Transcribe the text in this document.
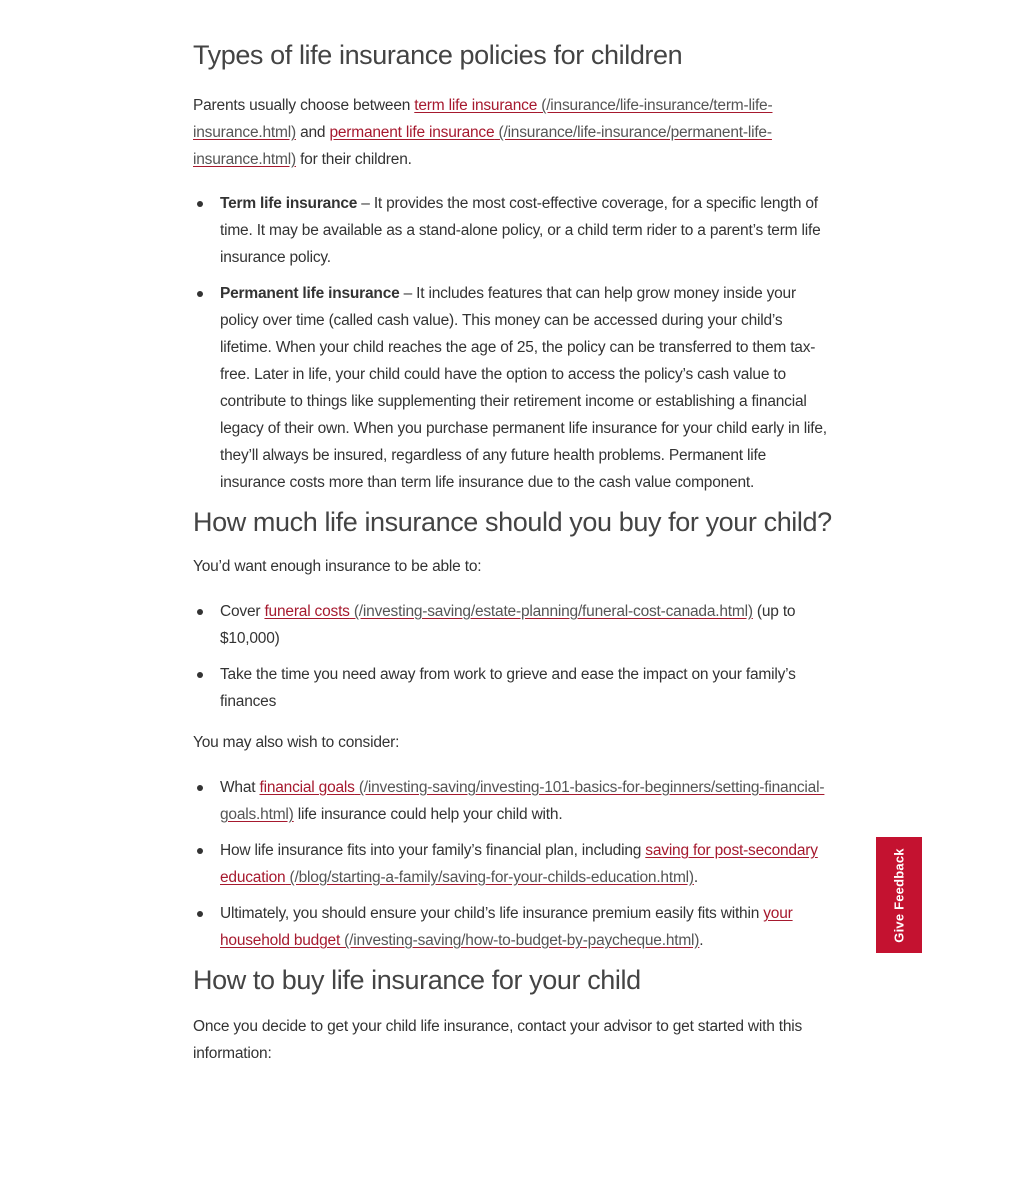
Types of life insurance policies for children

Parents usually choose between term life insurance (/insurance/life-insurance/term-life-insurance.html) and permanent life insurance (/insurance/life-insurance/permanent-life-insurance.html) for their children.

Term life insurance – It provides the most cost-effective coverage, for a specific length of time. It may be available as a stand-alone policy, or a child term rider to a parent’s term life insurance policy.
Permanent life insurance – It includes features that can help grow money inside your policy over time (called cash value). This money can be accessed during your child’s lifetime. When your child reaches the age of 25, the policy can be transferred to them tax-free. Later in life, your child could have the option to access the policy’s cash value to contribute to things like supplementing their retirement income or establishing a financial legacy of their own. When you purchase permanent life insurance for your child early in life, they’ll always be insured, regardless of any future health problems. Permanent life insurance costs more than term life insurance due to the cash value component.
How much life insurance should you buy for your child?

You’d want enough insurance to be able to:

Cover funeral costs (/investing-saving/estate-planning/funeral-cost-canada.html) (up to $10,000)
Take the time you need away from work to grieve and ease the impact on your family’s finances

You may also wish to consider:

What financial goals (/investing-saving/investing-101-basics-for-beginners/setting-financial-goals.html) life insurance could help your child with.
How life insurance fits into your family’s financial plan, including saving for post-secondary education (/blog/starting-a-family/saving-for-your-childs-education.html).
Ultimately, you should ensure your child’s life insurance premium easily fits within your household budget (/investing-saving/how-to-budget-by-paycheque.html).
How to buy life insurance for your child

Once you decide to get your child life insurance, contact your advisor to get started with this information:

Give Feedback
